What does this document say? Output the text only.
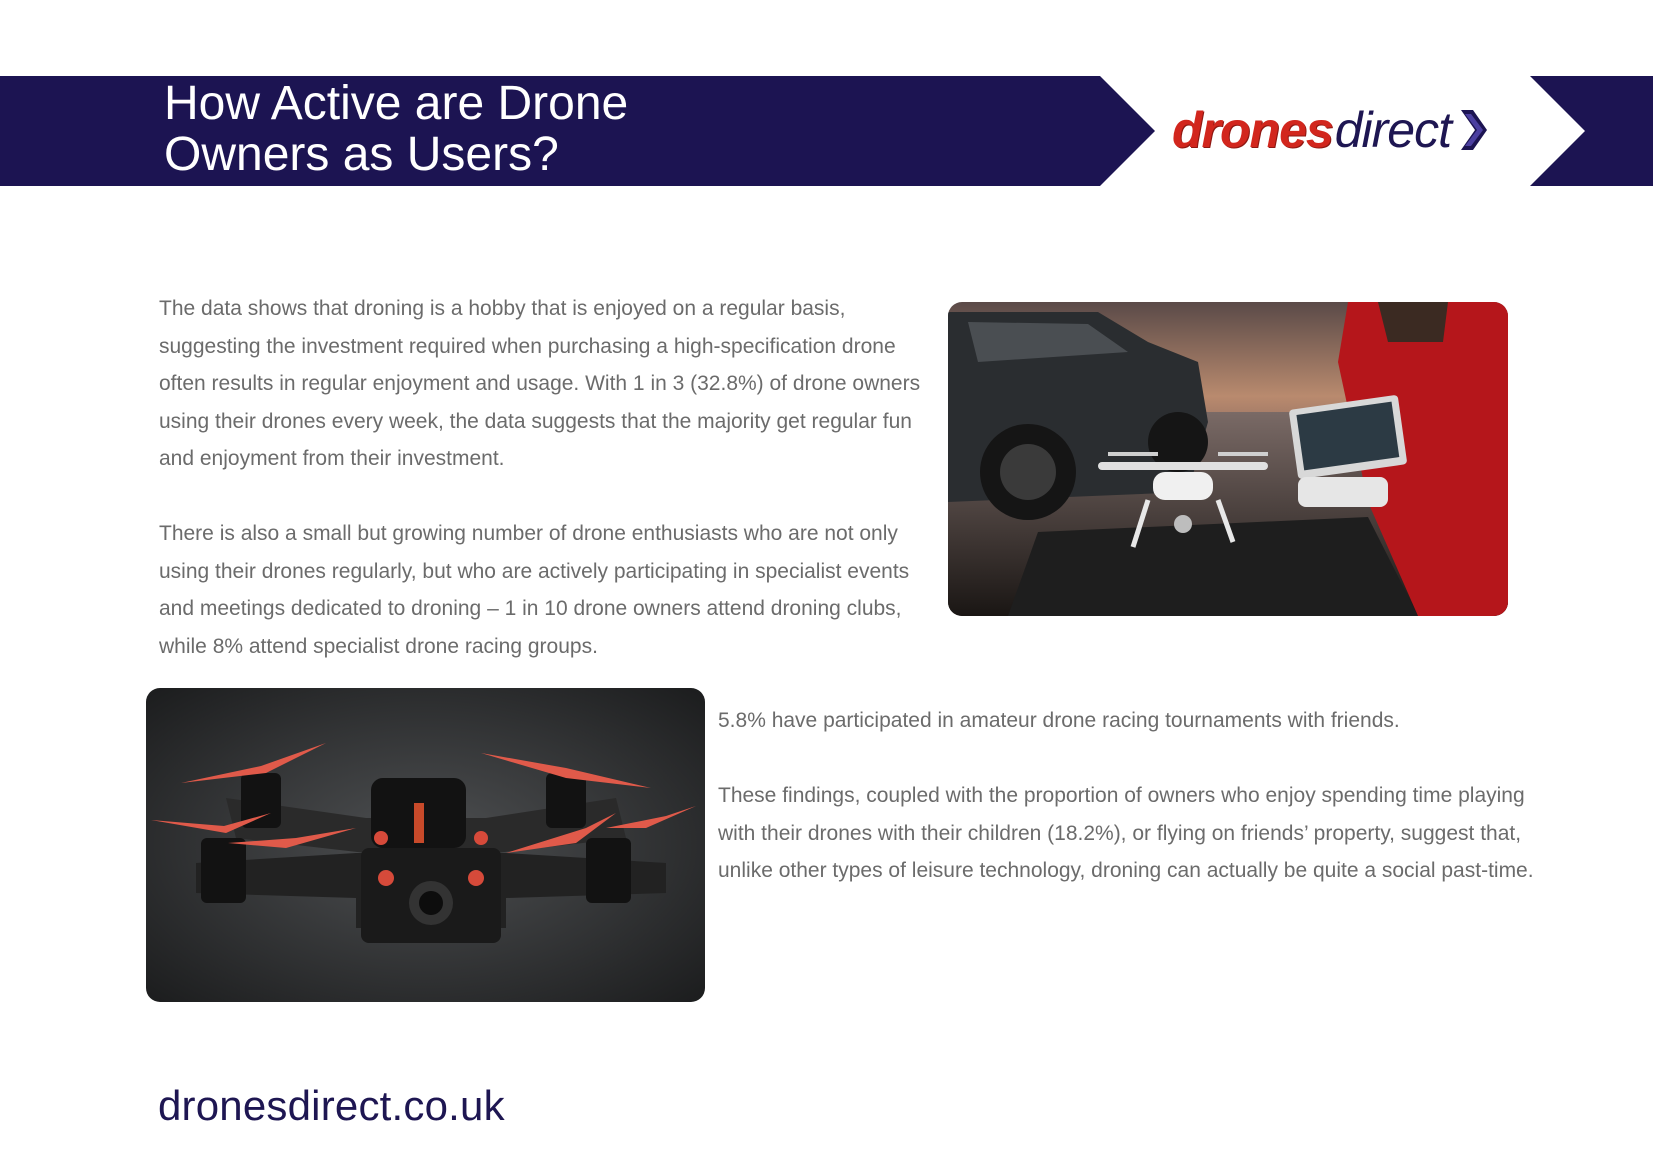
How Active are Drone
Owners as Users?	drones direct

The data shows that droning is a hobby that is enjoyed on a regular basis, suggesting the investment required when purchasing a high-specification drone often results in regular enjoyment and usage. With 1 in 3 (32.8%) of drone owners using their drones every week, the data suggests that the majority get regular fun and enjoyment from their investment.

There is also a small but growing number of drone enthusiasts who are not only using their drones regularly, but who are actively participating in specialist events and meetings dedicated to droning – 1 in 10 drone owners attend droning clubs, while 8% attend specialist drone racing groups.

5.8% have participated in amateur drone racing tournaments with friends.

These findings, coupled with the proportion of owners who enjoy spending time playing with their drones with their children (18.2%), or flying on friends’ property, suggest that, unlike other types of leisure technology, droning can actually be quite a social past-time.

dronesdirect.co.uk
